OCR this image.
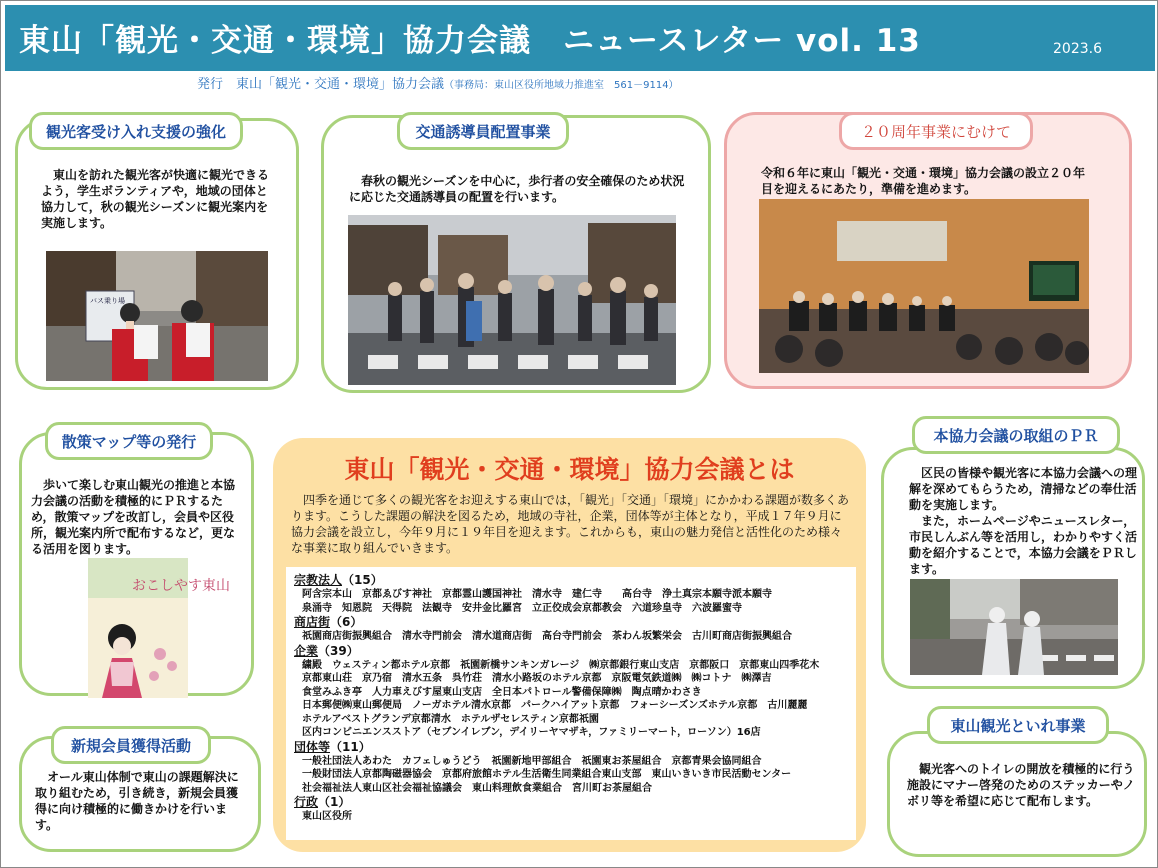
東山「観光・交通・環境」協力会議　ニュースレター vol. 13	2023.6
発行　東山「観光・交通・環境」協力会議（事務局：東山区役所地域力推進室　561－9114）
観光客受け入れ支援の強化
　東山を訪れた観光客が快適に観光できるよう，学生ボランティアや，地域の団体と協力して，秋の観光シーズンに観光案内を実施します。
バス乗り場
交通誘導員配置事業
　春秋の観光シーズンを中心に，歩行者の安全確保のため状況に応じた交通誘導員の配置を行います。
２０周年事業にむけて
令和６年に東山「観光・交通・環境」協力会議の設立２０年目を迎えるにあたり，準備を進めます。
散策マップ等の発行
　歩いて楽しむ東山観光の推進と本協力会議の活動を積極的にＰＲするため，散策マップを改訂し，会員や区役所，観光案内所で配布するなど，更なる活用を図ります。
おこしやす東山
新規会員獲得活動
　オール東山体制で東山の課題解決に取り組むため，引き続き，新規会員獲得に向け積極的に働きかけを行います。
東山「観光・交通・環境」協力会議とは
　四季を通じて多くの観光客をお迎えする東山では，「観光」「交通」「環境」にかかわる課題が数多くあります。こうした課題の解決を図るため，地域の寺社，企業，団体等が主体となり，平成１７年９月に協力会議を設立し，今年９月に１９年目を迎えます。これからも，東山の魅力発信と活性化のため様々な事業に取り組んでいきます。
宗教法人（15）
阿含宗本山　京都ゑびす神社　京都霊山護国神社　清水寺　建仁寺　　高台寺　浄土真宗本願寺派本願寺
泉涌寺　知恩院　天得院　法観寺　安井金比羅宮　立正佼成会京都教会　六道珍皇寺　六波羅蜜寺
商店街（6）
祇園商店街振興組合　清水寺門前会　清水道商店街　高台寺門前会　茶わん坂繁栄会　古川町商店街振興組合
企業（39）
繍殿　ウェスティン都ホテル京都　祇園新橋サンキンガレージ　㈱京都銀行東山支店　京都阪口　京都東山四季花木
京都東山荘　京乃宿　清水五条　呉竹荘　清水小路坂のホテル京都　京阪電気鉄道㈱　㈱コトナ　㈱澤吉
食堂みふき亭　人力車えびす屋東山支店　全日本パトロール警備保障㈱　陶点晴かわさき
日本郵便㈱東山郵便局　ノーガホテル清水京都　パークハイアット京都　フォーシーズンズホテル京都　古川麗麗
ホテルアベストグランデ京都清水　ホテルザセレスティン京都祇園
区内コンビニエンスストア（セブンイレブン，デイリーヤマザキ，ファミリーマート，ローソン）16店
団体等（11）
一般社団法人あわた　カフェしゅうどう　祇園新地甲部組合　祇園東お茶屋組合　京都青果会協同組合
一般財団法人京都陶磁器協会　京都府旅館ホテル生活衛生同業組合東山支部　東山いきいき市民活動センター
社会福祉法人東山区社会福祉協議会　東山料理飲食業組合　宮川町お茶屋組合
行政（1）
東山区役所
本協力会議の取組のＰＲ
　区民の皆様や観光客に本協力会議への理解を深めてもらうため，清掃などの奉仕活動を実施します。
　また，ホームページやニュースレター，市民しんぶん等を活用し，わかりやすく活動を紹介することで，本協力会議をＰＲします。
東山観光といれ事業
　観光客へのトイレの開放を積極的に行う施設にマナー啓発のためのステッカーやノボリ等を希望に応じて配布します。
